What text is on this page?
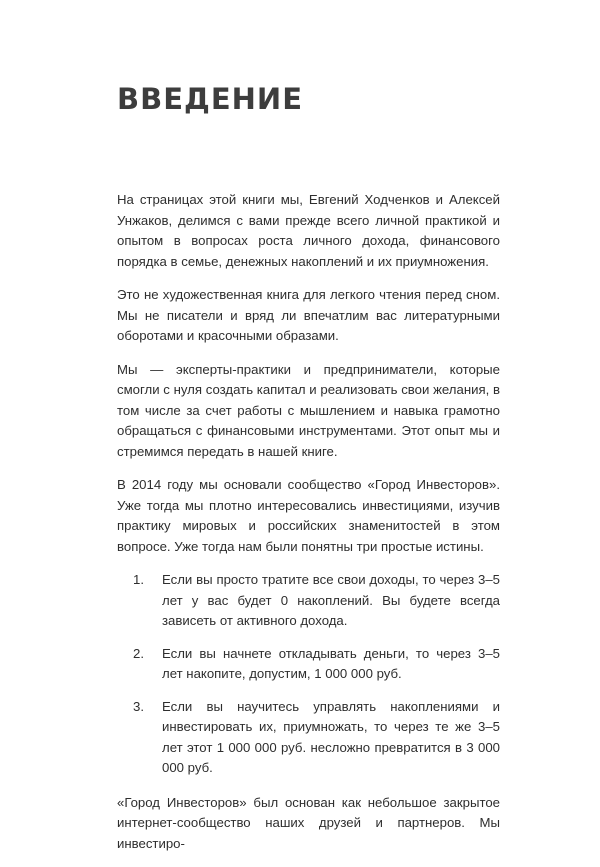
ВВЕДЕНИЕ

На страницах этой книги мы, Евгений Ходченков и Алексей Унжаков, делимся с вами прежде всего личной практикой и опытом в вопросах роста личного дохода, финансового порядка в семье, денежных накоплений и их приумножения.

Это не художественная книга для легкого чтения перед сном. Мы не писатели и вряд ли впечатлим вас литературными оборотами и красочными образами.

Мы — эксперты-практики и предприниматели, которые смогли с нуля создать капитал и реализовать свои желания, в том числе за счет работы с мышлением и навыка грамотно обращаться с финансовыми инструментами. Этот опыт мы и стремимся передать в нашей книге.

В 2014 году мы основали сообщество «Город Инвесторов». Уже тогда мы плотно интересовались инвестициями, изучив практику мировых и российских знаменитостей в этом вопросе. Уже тогда нам были понятны три простые истины.

1.	Если вы просто тратите все свои доходы, то через 3–5 лет у вас будет 0 накоплений. Вы будете всегда зависеть от активного дохода.
2.	Если вы начнете откладывать деньги, то через 3–5 лет накопите, допустим, 1 000 000 руб.
3.	Если вы научитесь управлять накоплениями и инвестировать их, приумножать, то через те же 3–5 лет этот 1 000 000 руб. несложно превратится в 3 000 000 руб.

«Город Инвесторов» был основан как небольшое закрытое интернет-сообщество наших друзей и партнеров. Мы инвестиро-
